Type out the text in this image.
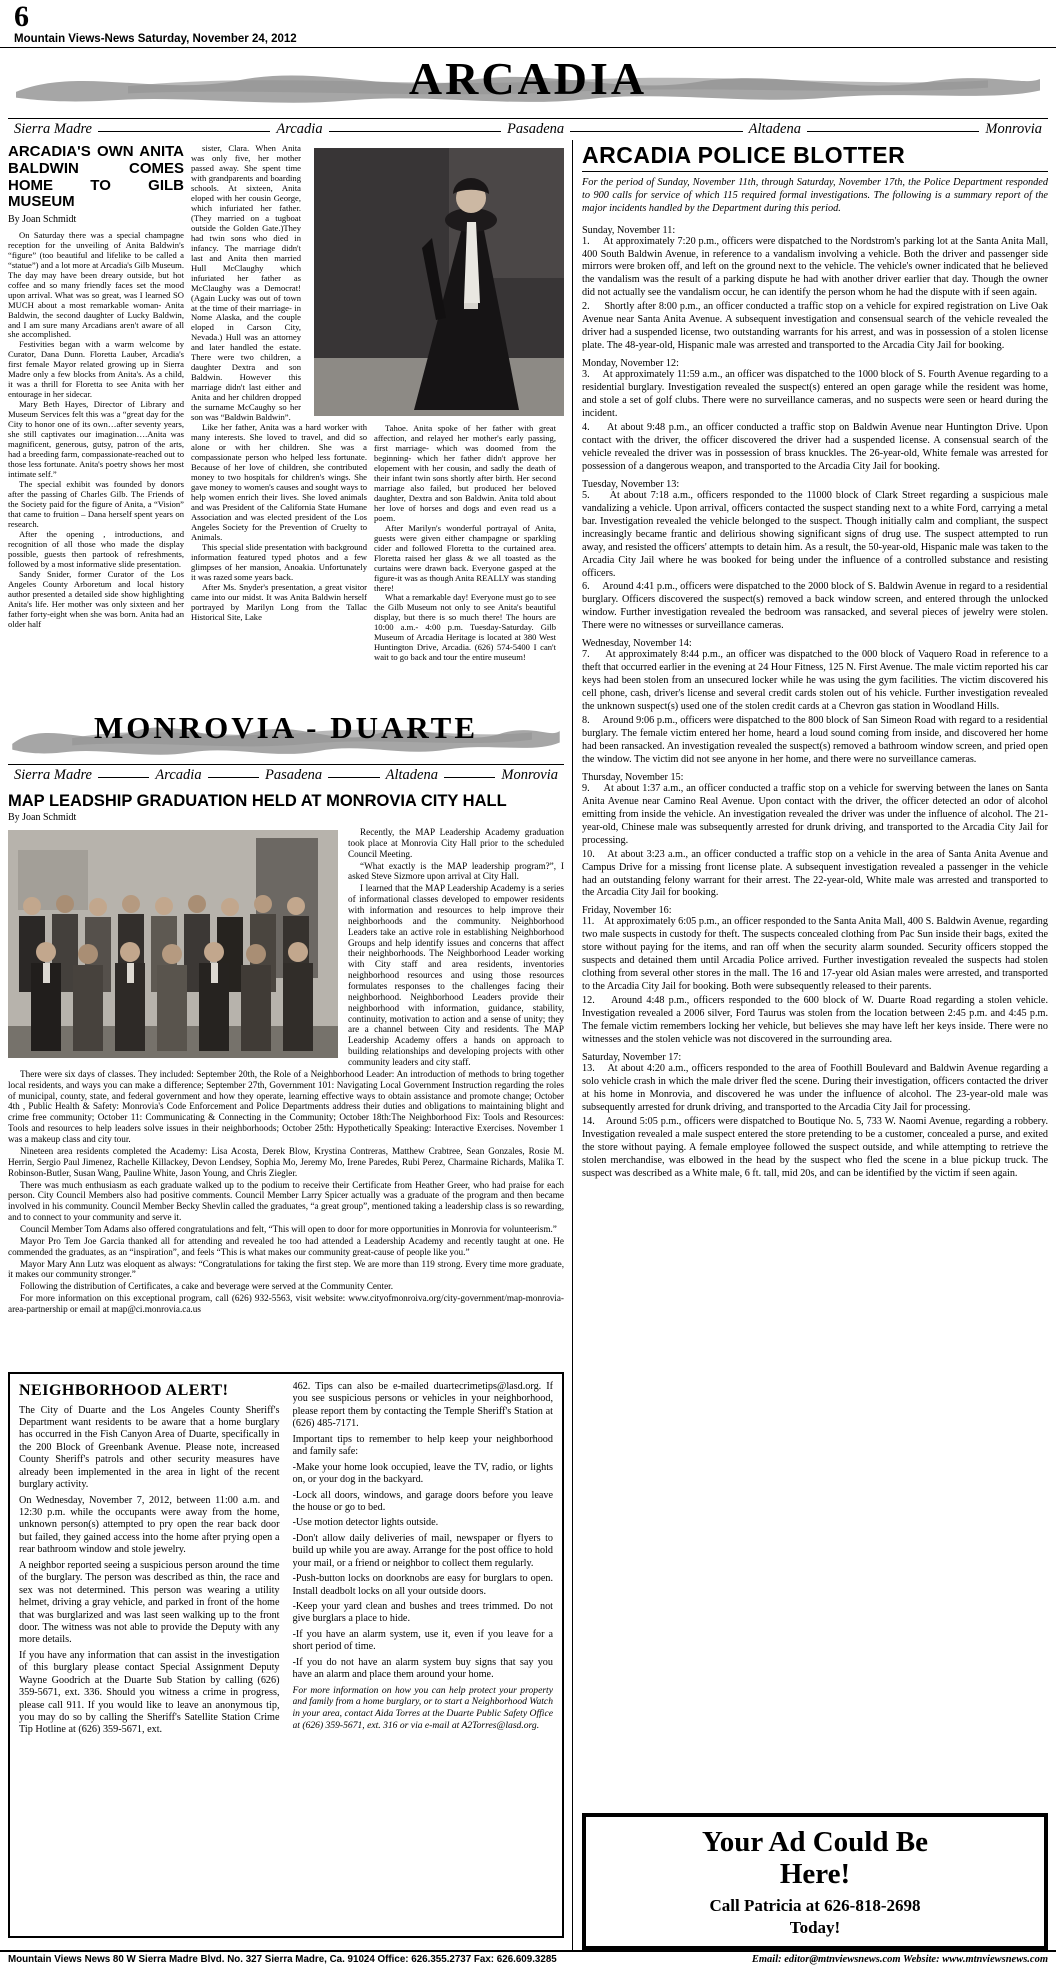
6
Mountain Views-News Saturday, November 24, 2012
ARCADIA
Sierra Madre	Arcadia	Pasadena	Altadena	Monrovia
ARCADIA'S OWN ANITA BALDWIN COMES HOME TO GILB MUSEUM
By Joan Schmidt

On Saturday there was a special champagne reception for the unveiling of Anita Baldwin's “figure” (too beautiful and lifelike to be called a “statue”) and a lot more at Arcadia's Gilb Museum. The day may have been dreary outside, but hot coffee and so many friendly faces set the mood upon arrival. What was so great, was I learned SO MUCH about a most remarkable woman- Anita Baldwin, the second daughter of Lucky Baldwin, and I am sure many Arcadians aren't aware of all she accomplished.

Festivities began with a warm welcome by Curator, Dana Dunn. Floretta Lauber, Arcadia's first female Mayor related growing up in Sierra Madre only a few blocks from Anita's. As a child, it was a thrill for Floretta to see Anita with her entourage in her sidecar.

Mary Beth Hayes, Director of Library and Museum Services felt this was a “great day for the City to honor one of its own…after seventy years, she still captivates our imagination….Anita was magnificent, generous, gutsy, patron of the arts, had a breeding farm, compassionate-reached out to those less fortunate. Anita's poetry shows her most intimate self.”

The special exhibit was founded by donors after the passing of Charles Gilb. The Friends of the Society paid for the figure of Anita, a “Vision” that came to fruition – Dana herself spent years on research.

After the opening , introductions, and recognition of all those who made the display possible, guests then partook of refreshments, followed by a most informative slide presentation.

Sandy Snider, former Curator of the Los Angeles County Arboretum and local history author presented a detailed side show highlighting Anita's life. Her mother was only sixteen and her father forty-eight when she was born. Anita had an older half

sister, Clara. When Anita was only five, her mother passed away. She spent time with grandparents and boarding schools. At sixteen, Anita eloped with her cousin George, which infuriated her father. (They married on a tugboat outside the Golden Gate.)They had twin sons who died in infancy. The marriage didn't last and Anita then married Hull McClaughy which infuriated her father as McClaughy was a Democrat! (Again Lucky was out of town at the time of their marriage- in Nome Alaska, and the couple eloped in Carson City, Nevada.) Hull was an attorney and later handled the estate. There were two children, a daughter Dextra and son Baldwin. However this marriage didn't last either and Anita and her children dropped the surname McCaughy so her son was “Baldwin Baldwin”.

Like her father, Anita was a hard worker with many interests. She loved to travel, and did so alone or with her children. She was a compassionate person who helped less fortunate. Because of her love of children, she contributed money to two hospitals for children's wings. She gave money to women's causes and sought ways to help women enrich their lives. She loved animals and was President of the California State Humane Association and was elected president of the Los Angeles Society for the Prevention of Cruelty to Animals.

This special slide presentation with background information featured typed photos and a few glimpses of her mansion, Anoakia. Unfortunately it was razed some years back.

After Ms. Snyder's presentation, a great visitor came into our midst. It was Anita Baldwin herself portrayed by Marilyn Long from the Tallac Historical Site, Lake

Tahoe. Anita spoke of her father with great affection, and relayed her mother's early passing, first marriage- which was doomed from the beginning- which her father didn't approve her elopement with her cousin, and sadly the death of their infant twin sons shortly after birth. Her second marriage also failed, but produced her beloved daughter, Dextra and son Baldwin. Anita told about her love of horses and dogs and even read us a poem.

After Marilyn's wonderful portrayal of Anita, guests were given either champagne or sparkling cider and followed Floretta to the curtained area. Floretta raised her glass & we all toasted as the curtains were drawn back. Everyone gasped at the figure-it was as though Anita REALLY was standing there!

What a remarkable day! Everyone must go to see the Gilb Museum not only to see Anita's beautiful display, but there is so much there! The hours are 10:00 a.m.- 4:00 p.m. Tuesday-Saturday. Gilb Museum of Arcadia Heritage is located at 380 West Huntington Drive, Arcadia. (626) 574-5400 I can't wait to go back and tour the entire museum!

MONROVIA - DUARTE
Sierra Madre	Arcadia	Pasadena	Altadena	Monrovia
MAP LEADSHIP GRADUATION HELD AT MONROVIA CITY HALL
By Joan Schmidt

Recently, the MAP Leadership Academy graduation took place at Monrovia City Hall prior to the scheduled Council Meeting.

“What exactly is the MAP leadership program?”, I asked Steve Sizmore upon arrival at City Hall.

I learned that the MAP Leadership Academy is a series of informational classes developed to empower residents with information and resources to help improve their neighborhoods and the community. Neighborhood Leaders take an active role in establishing Neighborhood Groups and help identify issues and concerns that affect their neighborhoods. The Neighborhood Leader working with City staff and area residents, inventories neighborhood resources and using those resources formulates responses to the challenges facing their neighborhood. Neighborhood Leaders provide their neighborhood with information, guidance, stability, continuity, motivation to action and a sense of unity; they are a channel between City and residents. The MAP Leadership Academy offers a hands on approach to building relationships and developing projects with other community leaders and city staff.

There were six days of classes. They included: September 20th, the Role of a Neighborhood Leader: An introduction of methods to bring together local residents, and ways you can make a difference; September 27th, Government 101: Navigating Local Government Instruction regarding the roles of municipal, county, state, and federal government and how they operate, learning effective ways to obtain assistance and promote change; October 4th , Public Health & Safety: Monrovia's Code Enforcement and Police Departments address their duties and obligations to maintaining blight and crime free community; October 11: Communicating & Connecting in the Community; October 18th:The Neighborhood Fix: Tools and Resources: Tools and resources to help leaders solve issues in their neighborhoods; October 25th: Hypothetically Speaking: Interactive Exercises. November 1 was a makeup class and city tour.

Nineteen area residents completed the Academy: Lisa Acosta, Derek Blow, Krystina Contreras, Matthew Crabtree, Sean Gonzales, Rosie M. Herrin, Sergio Paul Jimenez, Rachelle Killackey, Devon Lendsey, Sophia Mo, Jeremy Mo, Irene Paredes, Rubi Perez, Charmaine Richards, Malika T. Robinson-Butler, Susan Wang, Pauline White, Jason Young, and Chris Ziegler.

There was much enthusiasm as each graduate walked up to the podium to receive their Certificate from Heather Greer, who had praise for each person. City Council Members also had positive comments. Council Member Larry Spicer actually was a graduate of the program and then became involved in his community. Council Member Becky Shevlin called the graduates, “a great group”, mentioned taking a leadership class is so rewarding, and to connect to your community and serve it.

Council Member Tom Adams also offered congratulations and felt, “This will open to door for more opportunities in Monrovia for volunteerism.”

Mayor Pro Tem Joe Garcia thanked all for attending and revealed he too had attended a Leadership Academy and recently taught at one. He commended the graduates, as an “inspiration”, and feels “This is what makes our community great-cause of people like you.”

Mayor Mary Ann Lutz was eloquent as always: “Congratulations for taking the first step. We are more than 119 strong. Every time more graduate, it makes our community stronger.”

Following the distribution of Certificates, a cake and beverage were served at the Community Center.

For more information on this exceptional program, call (626) 932-5563, visit website: www.cityofmonroiva.org/city-government/map-monrovia-area-partnership or email at map@ci.monrovia.ca.us

NEIGHBORHOOD ALERT!

The City of Duarte and the Los Angeles County Sheriff's Department want residents to be aware that a home burglary has occurred in the Fish Canyon Area of Duarte, specifically in the 200 Block of Greenbank Avenue. Please note, increased County Sheriff's patrols and other security measures have already been implemented in the area in light of the recent burglary activity.

On Wednesday, November 7, 2012, between 11:00 a.m. and 12:30 p.m. while the occupants were away from the home, unknown person(s) attempted to pry open the rear back door but failed, they gained access into the home after prying open a rear bathroom window and stole jewelry.

A neighbor reported seeing a suspicious person around the time of the burglary. The person was described as thin, the race and sex was not determined. This person was wearing a utility helmet, driving a gray vehicle, and parked in front of the home that was burglarized and was last seen walking up to the front door. The witness was not able to provide the Deputy with any more details.

If you have any information that can assist in the investigation of this burglary please contact Special Assignment Deputy Wayne Goodrich at the Duarte Sub Station by calling (626) 359-5671, ext. 336. Should you witness a crime in progress, please call 911. If you would like to leave an anonymous tip, you may do so by calling the Sheriff's Satellite Station Crime Tip Hotline at (626) 359-5671, ext.

462. Tips can also be e-mailed duartecrimetips@lasd.org. If you see suspicious persons or vehicles in your neighborhood, please report them by contacting the Temple Sheriff's Station at (626) 485-7171.

Important tips to remember to help keep your neighborhood and family safe:

-Make your home look occupied, leave the TV, radio, or lights on, or your dog in the backyard.

-Lock all doors, windows, and garage doors before you leave the house or go to bed.

-Use motion detector lights outside.

-Don't allow daily deliveries of mail, newspaper or flyers to build up while you are away. Arrange for the post office to hold your mail, or a friend or neighbor to collect them regularly.

-Push-button locks on doorknobs are easy for burglars to open. Install deadbolt locks on all your outside doors.

-Keep your yard clean and bushes and trees trimmed. Do not give burglars a place to hide.

-If you have an alarm system, use it, even if you leave for a short period of time.

-If you do not have an alarm system buy signs that say you have an alarm and place them around your home.

For more information on how you can help protect your property and family from a home burglary, or to start a Neighborhood Watch in your area, contact Aida Torres at the Duarte Public Safety Office at (626) 359-5671, ext. 316 or via e-mail at A2Torres@lasd.org.

ARCADIA POLICE BLOTTER

For the period of Sunday, November 11th, through Saturday, November 17th, the Police Department responded to 900 calls for service of which 115 required formal investigations. The following is a summary report of the major incidents handled by the Department during this period.

Sunday, November 11:

1.     At approximately 7:20 p.m., officers were dispatched to the Nordstrom's parking lot at the Santa Anita Mall, 400 South Baldwin Avenue, in reference to a vandalism involving a vehicle. Both the driver and passenger side mirrors were broken off, and left on the ground next to the vehicle. The vehicle's owner indicated that he believed the vandalism was the result of a parking dispute he had with another driver earlier that day. Though the owner did not actually see the vandalism occur, he can identify the person whom he had the dispute with if seen again.

2.     Shortly after 8:00 p.m., an officer conducted a traffic stop on a vehicle for expired registration on Live Oak Avenue near Santa Anita Avenue. A subsequent investigation and consensual search of the vehicle revealed the driver had a suspended license, two outstanding warrants for his arrest, and was in possession of a stolen license plate. The 48-year-old, Hispanic male was arrested and transported to the Arcadia City Jail for booking.

Monday, November 12:

3.     At approximately 11:59 a.m., an officer was dispatched to the 1000 block of S. Fourth Avenue regarding to a residential burglary. Investigation revealed the suspect(s) entered an open garage while the resident was home, and stole a set of golf clubs. There were no surveillance cameras, and no suspects were seen or heard during the incident.

4.     At about 9:48 p.m., an officer conducted a traffic stop on Baldwin Avenue near Huntington Drive. Upon contact with the driver, the officer discovered the driver had a suspended license. A consensual search of the vehicle revealed the driver was in possession of brass knuckles. The 26-year-old, White female was arrested for possession of a dangerous weapon, and transported to the Arcadia City Jail for booking.

Tuesday, November 13:

5.     At about 7:18 a.m., officers responded to the 11000 block of Clark Street regarding a suspicious male vandalizing a vehicle. Upon arrival, officers contacted the suspect standing next to a white Ford, carrying a metal bar. Investigation revealed the vehicle belonged to the suspect. Though initially calm and compliant, the suspect increasingly became frantic and delirious showing significant signs of drug use. The suspect attempted to run away, and resisted the officers' attempts to detain him. As a result, the 50-year-old, Hispanic male was taken to the Arcadia City Jail where he was booked for being under the influence of a controlled substance and resisting officers.

6.     Around 4:41 p.m., officers were dispatched to the 2000 block of S. Baldwin Avenue in regard to a residential burglary. Officers discovered the suspect(s) removed a back window screen, and entered through the unlocked window. Further investigation revealed the bedroom was ransacked, and several pieces of jewelry were stolen. There were no witnesses or surveillance cameras.

Wednesday, November 14:

7.     At approximately 8:44 p.m., an officer was dispatched to the 000 block of Vaquero Road in reference to a theft that occurred earlier in the evening at 24 Hour Fitness, 125 N. First Avenue. The male victim reported his car keys had been stolen from an unsecured locker while he was using the gym facilities. The victim discovered his cell phone, cash, driver's license and several credit cards stolen out of his vehicle. Further investigation revealed the unknown suspect(s) used one of the stolen credit cards at a Chevron gas station in Woodland Hills.

8.     Around 9:06 p.m., officers were dispatched to the 800 block of San Simeon Road with regard to a residential burglary. The female victim entered her home, heard a loud sound coming from inside, and discovered her home had been ransacked. An investigation revealed the suspect(s) removed a bathroom window screen, and pried open the window. The victim did not see anyone in her home, and there were no surveillance cameras.

Thursday, November 15:

9.     At about 1:37 a.m., an officer conducted a traffic stop on a vehicle for swerving between the lanes on Santa Anita Avenue near Camino Real Avenue. Upon contact with the driver, the officer detected an odor of alcohol emitting from inside the vehicle. An investigation revealed the driver was under the influence of alcohol. The 21-year-old, Chinese male was subsequently arrested for drunk driving, and transported to the Arcadia City Jail for processing.

10.    At about 3:23 a.m., an officer conducted a traffic stop on a vehicle in the area of Santa Anita Avenue and Campus Drive for a missing front license plate. A subsequent investigation revealed a passenger in the vehicle had an outstanding felony warrant for their arrest. The 22-year-old, White male was arrested and transported to the Arcadia City Jail for booking.

Friday, November 16:

11.    At approximately 6:05 p.m., an officer responded to the Santa Anita Mall, 400 S. Baldwin Avenue, regarding two male suspects in custody for theft. The suspects concealed clothing from Pac Sun inside their bags, exited the store without paying for the items, and ran off when the security alarm sounded. Security officers stopped the suspects and detained them until Arcadia Police arrived. Further investigation revealed the suspects had stolen clothing from several other stores in the mall. The 16 and 17-year old Asian males were arrested, and transported to the Arcadia City Jail for booking. Both were subsequently released to their parents.

12.    Around 4:48 p.m., officers responded to the 600 block of W. Duarte Road regarding a stolen vehicle. Investigation revealed a 2006 silver, Ford Taurus was stolen from the location between 2:45 p.m. and 4:45 p.m. The female victim remembers locking her vehicle, but believes she may have left her keys inside. There were no witnesses and the stolen vehicle was not discovered in the surrounding area.

Saturday, November 17:

13.    At about 4:20 a.m., officers responded to the area of Foothill Boulevard and Baldwin Avenue regarding a solo vehicle crash in which the male driver fled the scene. During their investigation, officers contacted the driver at his home in Monrovia, and discovered he was under the influence of alcohol. The 23-year-old male was subsequently arrested for drunk driving, and transported to the Arcadia City Jail for processing.

14.    Around 5:05 p.m., officers were dispatched to Boutique No. 5, 733 W. Naomi Avenue, regarding a robbery. Investigation revealed a male suspect entered the store pretending to be a customer, concealed a purse, and exited the store without paying. A female employee followed the suspect outside, and while attempting to retrieve the stolen merchandise, was elbowed in the head by the suspect who fled the scene in a blue pickup truck. The suspect was described as a White male, 6 ft. tall, mid 20s, and can be identified by the victim if seen again.

Your Ad Could Be
Here!
Call Patricia at 626-818-2698
Today!
Mountain Views News 80 W Sierra Madre Blvd. No. 327 Sierra Madre, Ca. 91024 Office: 626.355.2737 Fax: 626.609.3285	Email: editor@mtnviewsnews.com Website: www.mtnviewsnews.com
